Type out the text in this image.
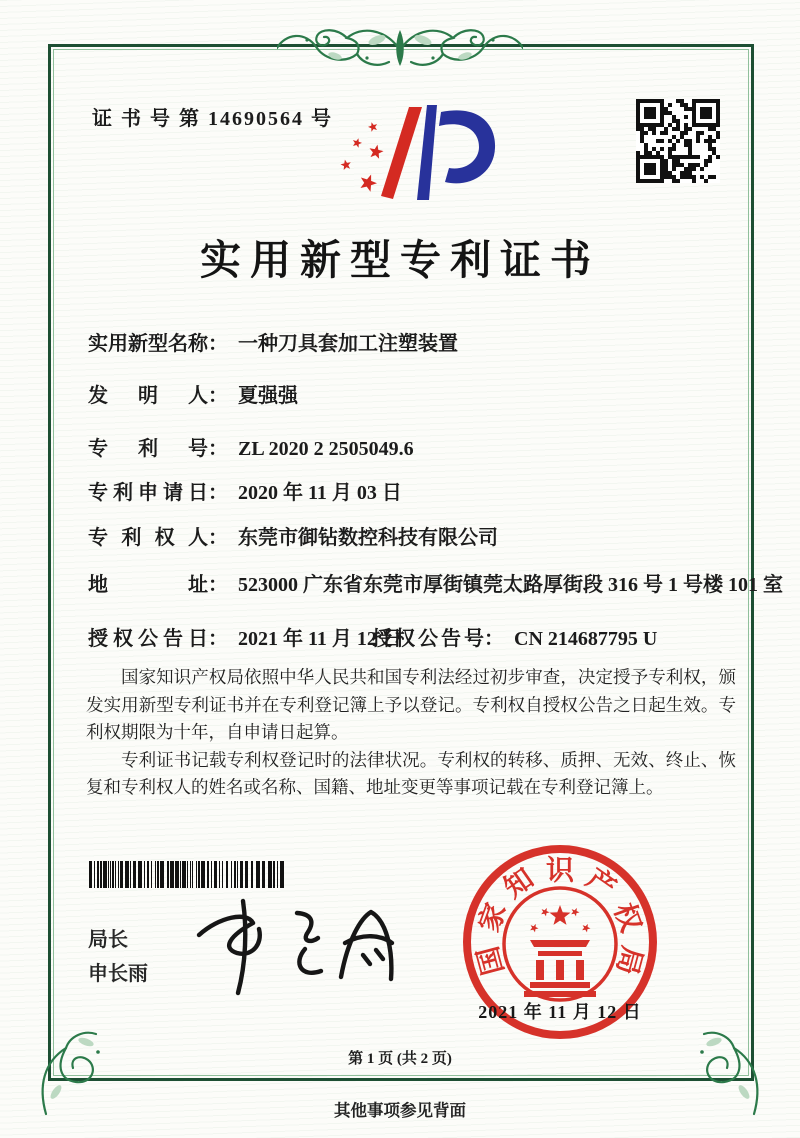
证 书 号 第 14690564 号
实用新型专利证书
实用新型名称 ： 一种刀具套加工注塑装置
发明人 ： 夏强强
专利号 ： ZL 2020 2 2505049.6
专利申请日 ： 2020 年 11 月 03 日
专利权人 ： 东莞市御钻数控科技有限公司
地址 ： 523000 广东省东莞市厚街镇莞太路厚街段 316 号 1 号楼 101 室
授权公告日 ： 2021 年 11 月 12 日
授权公告号 ： CN 214687795 U

国家知识产权局依照中华人民共和国专利法经过初步审查，决定授予专利权，颁发实用新型专利证书并在专利登记簿上予以登记。专利权自授权公告之日起生效。专利权期限为十年，自申请日起算。

专利证书记载专利权登记时的法律状况。专利权的转移、质押、无效、终止、恢复和专利权人的姓名或名称、国籍、地址变更等事项记载在专利登记簿上。

局长
申长雨	国
家
知 识 产
权
局
2021 年 11 月 12 日
第 1 页 (共 2 页)
其他事项参见背面
